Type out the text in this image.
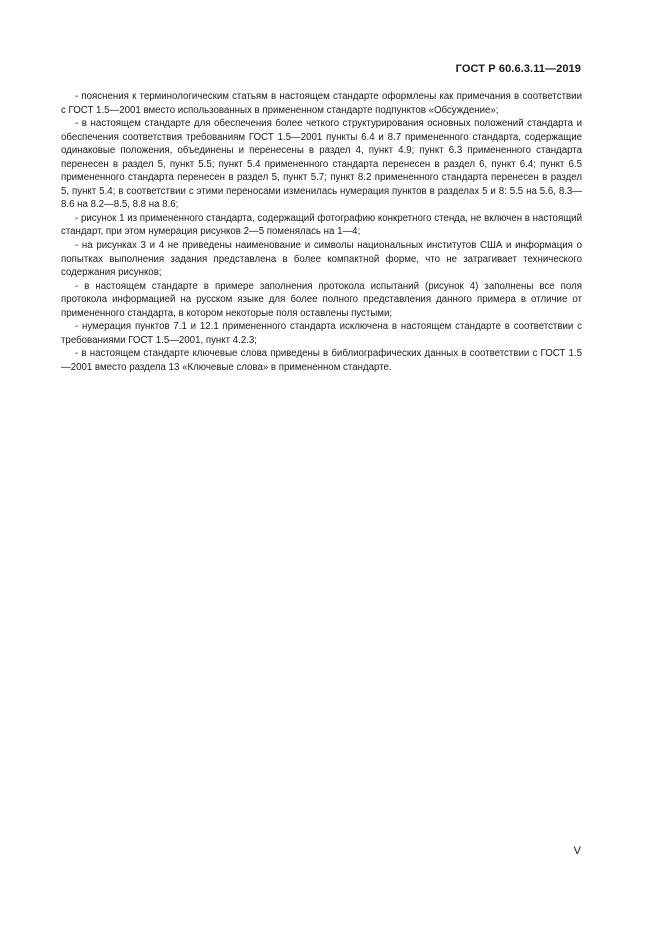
ГОСТ Р 60.6.3.11—2019

- пояснения к терминологическим статьям в настоящем стандарте оформлены как примечания в соответствии с ГОСТ 1.5—2001 вместо использованных в примененном стандарте подпунктов «Обсуждение»;

- в настоящем стандарте для обеспечения более четкого структурирования основных положений стандарта и обеспечения соответствия требованиям ГОСТ 1.5—2001 пункты 6.4 и 8.7 примененного стандарта, содержащие одинаковые положения, объединены и перенесены в раздел 4, пункт 4.9; пункт 6.3 примененного стандарта перенесен в раздел 5, пункт 5.5; пункт 5.4 примененного стандарта перенесен в раздел 6, пункт 6.4; пункт 6.5 примененного стандарта перенесен в раздел 5, пункт 5.7; пункт 8.2 примененного стандарта перенесен в раздел 5, пункт 5.4; в соответствии с этими переносами изменилась нумерация пунктов в разделах 5 и 8: 5.5 на 5.6, 8.3—8.6 на 8.2—8.5, 8.8 на 8.6;

- рисунок 1 из примененного стандарта, содержащий фотографию конкретного стенда, не включен в настоящий стандарт, при этом нумерация рисунков 2—5 поменялась на 1—4;

- на рисунках 3 и 4 не приведены наименование и символы национальных институтов США и информация о попытках выполнения задания представлена в более компактной форме, что не затрагивает технического содержания рисунков;

- в настоящем стандарте в примере заполнения протокола испытаний (рисунок 4) заполнены все поля протокола информацией на русском языке для более полного представления данного примера в отличие от примененного стандарта, в котором некоторые поля оставлены пустыми;

- нумерация пунктов 7.1 и 12.1 примененного стандарта исключена в настоящем стандарте в соответствии с требованиями ГОСТ 1.5—2001, пункт 4.2.3;

- в настоящем стандарте ключевые слова приведены в библиографических данных в соответствии с ГОСТ 1.5—2001 вместо раздела 13 «Ключевые слова» в примененном стандарте.

V
